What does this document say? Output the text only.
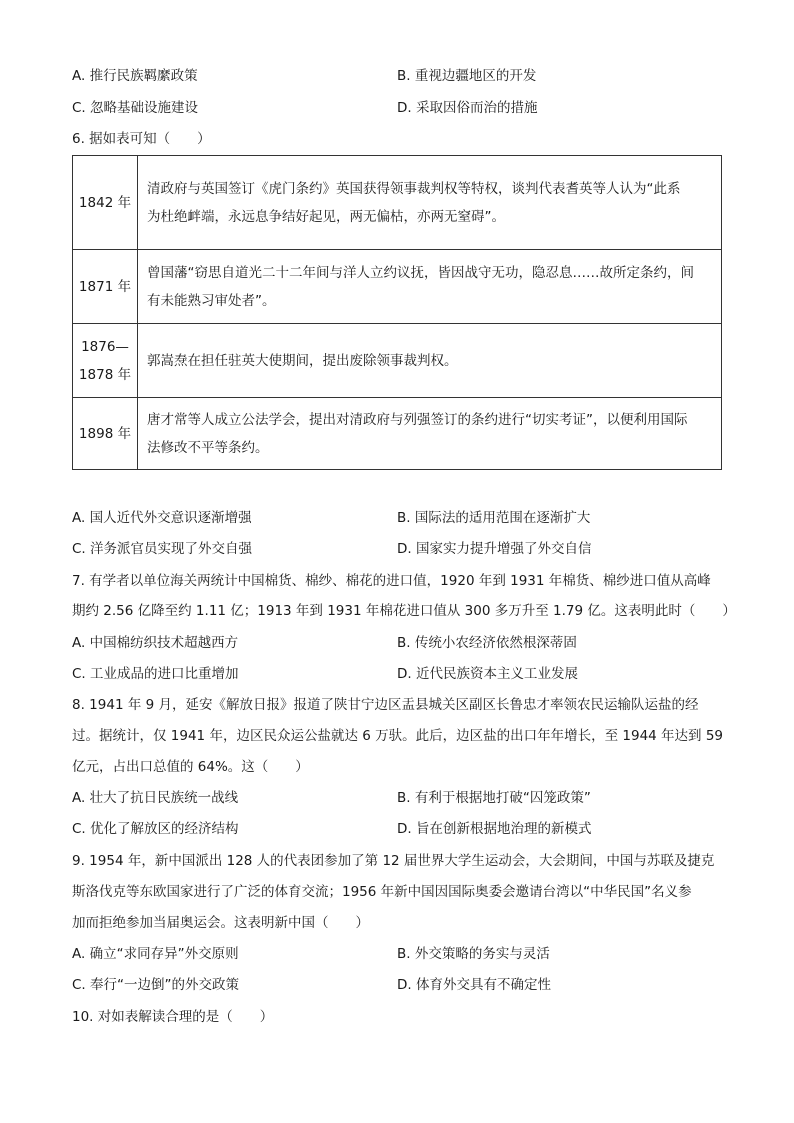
A. 推行民族羁縻政策	B. 重视边疆地区的开发
C. 忽略基础设施建设	D. 采取因俗而治的措施
6. 据如表可知（　　）
1842 年	清政府与英国签订《虎门条约》英国获得领事裁判权等特权，谈判代表耆英等人认为“此系
为杜绝衅端，永远息争结好起见，两无偏枯，亦两无窒碍”。

1871 年	曾国藩“窃思自道光二十二年间与洋人立约议抚，皆因战守无功，隐忍息……故所定条约，间
有未能熟习审处者”。

1876—
1878 年	郭嵩焘在担任驻英大使期间，提出废除领事裁判权。

1898 年	唐才常等人成立公法学会，提出对清政府与列强签订的条约进行“切实考证”，以便利用国际
法修改不平等条约。
A. 国人近代外交意识逐渐增强	B. 国际法的适用范围在逐渐扩大
C. 洋务派官员实现了外交自强	D. 国家实力提升增强了外交自信
7. 有学者以单位海关两统计中国棉货、棉纱、棉花的进口值，1920 年到 1931 年棉货、棉纱进口值从高峰
期约 2.56 亿降至约 1.11 亿；1913 年到 1931 年棉花进口值从 300 多万升至 1.79 亿。这表明此时（　　）
A. 中国棉纺织技术超越西方	B. 传统小农经济依然根深蒂固
C. 工业成品的进口比重增加	D. 近代民族资本主义工业发展
8. 1941 年 9 月，延安《解放日报》报道了陕甘宁边区盂县城关区副区长鲁忠才率领农民运输队运盐的经
过。据统计，仅 1941 年，边区民众运公盐就达 6 万驮。此后，边区盐的出口年年增长，至 1944 年达到 59
亿元，占出口总值的 64%。这（　　）
A. 壮大了抗日民族统一战线	B. 有利于根据地打破“囚笼政策”
C. 优化了解放区的经济结构	D. 旨在创新根据地治理的新模式
9. 1954 年，新中国派出 128 人的代表团参加了第 12 届世界大学生运动会，大会期间，中国与苏联及捷克
斯洛伐克等东欧国家进行了广泛的体育交流；1956 年新中国因国际奥委会邀请台湾以“中华民国”名义参
加而拒绝参加当届奥运会。这表明新中国（　　）
A. 确立“求同存异”外交原则	B. 外交策略的务实与灵活
C. 奉行“一边倒”的外交政策	D. 体育外交具有不确定性
10. 对如表解读合理的是（　　）
